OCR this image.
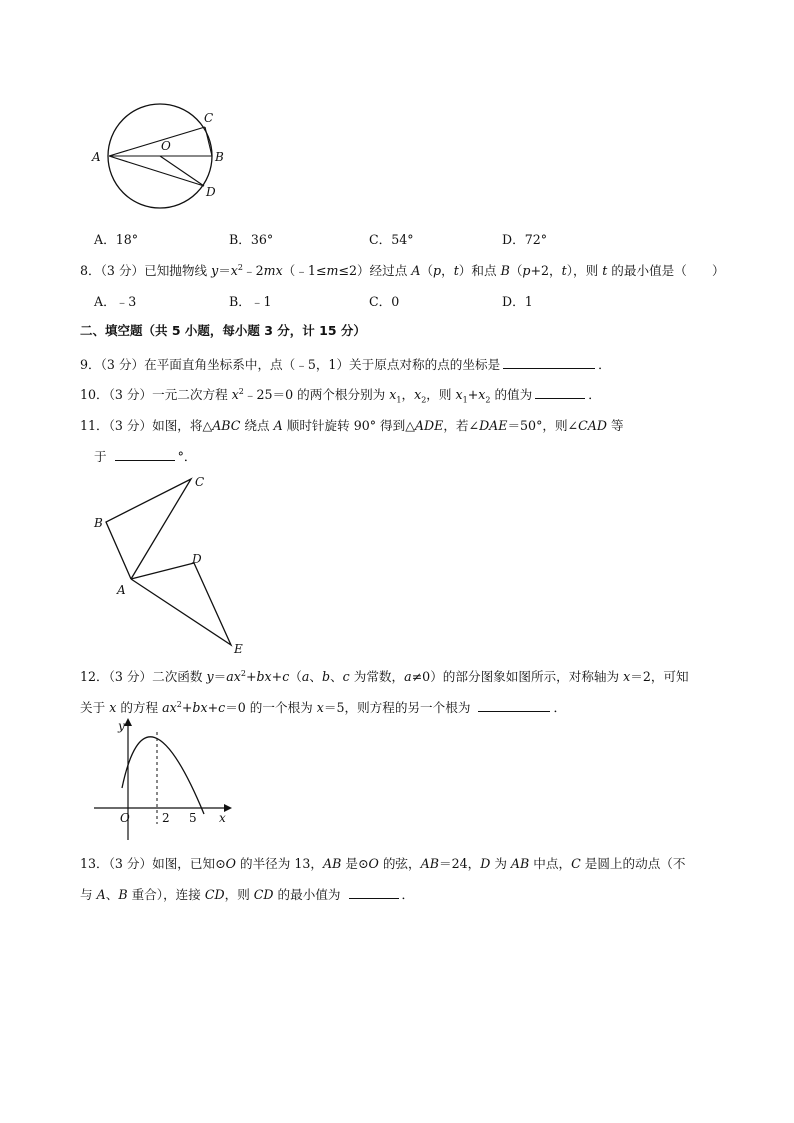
A	B
C
D
O
A．18°	B．36°	C．54°	D．72°
8．（3 分）已知抛物线 $y=x^2﹣2mx(﹣1\le m\le 2)$经过点 A（p，t）和点 B（p+2，t），则 t 的最小值是（　　）
A．﹣3	B．﹣1	C．0	D．1
二、填空题（共 5 小题，每小题 3 分，计 15 分）
9．（3 分）在平面直角坐标系中，点（﹣5，1）关于原点对称的点的坐标是	．
10．（3 分）一元二次方程 $x^2﹣25=0$ 的两个根分别为 $x_1$，$x_2$，则 $x_1+x_2$ 的值为	．
11．（3 分）如图，将△ABC 绕点 A 顺时针旋转 90° 得到△ADE，若∠DAE＝50°，则∠CAD 等
于	°．
A
B
C
D
E
12．（3 分）二次函数 $y=ax^2+bx+c(a$、b、c 为常数，a≠0）的部分图象如图所示，对称轴为 x＝2，可知
关于 x 的方程 $ax^2+bx+c=0$ 的一个根为 x＝5，则方程的另一个根为	．
y
x
O	2 5
13．（3 分）如图，已知⊙O 的半径为 13，AB 是⊙O 的弦，AB＝24，D 为 AB 中点，C 是圆上的动点（不
与 A、B 重合），连接 CD，则 CD 的最小值为	．
